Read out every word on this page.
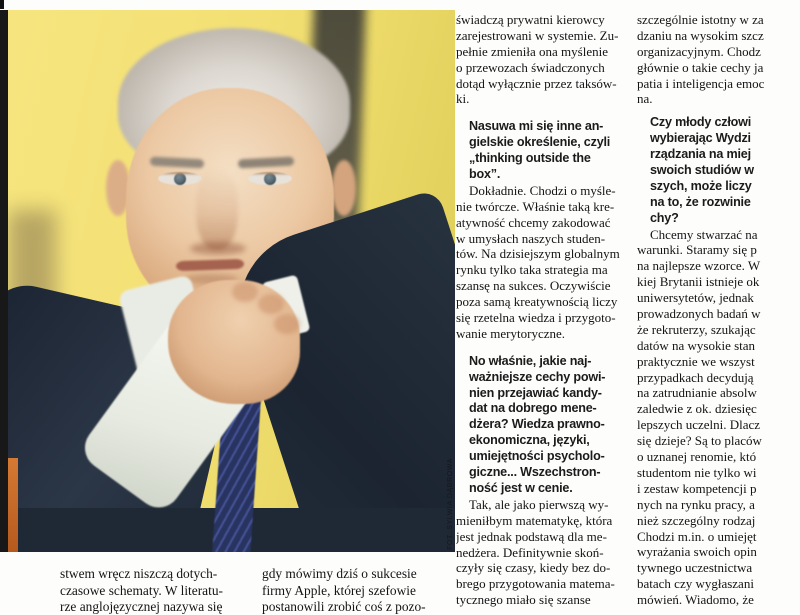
FOT. SYLWIA DĄBROWA
świadczą prywatni kierowcy
zarejestrowani w systemie. Zu-
pełnie zmieniła ona myślenie
o przewozach świadczonych
dotąd wyłącznie przez taksów-
ki.
Nasuwa mi się inne an-
gielskie określenie, czyli
„thinking outside the
box”.
Dokładnie. Chodzi o myśle-
nie twórcze. Właśnie taką kre-
atywność chcemy zakodować
w umysłach naszych studen-
tów. Na dzisiejszym globalnym
rynku tylko taka strategia ma
szansę na sukces. Oczywiście
poza samą kreatywnością liczy
się rzetelna wiedza i przygoto-
wanie merytoryczne.
No właśnie, jakie naj-
ważniejsze cechy powi-
nien przejawiać kandy-
dat na dobrego mene-
dżera? Wiedza prawno-
ekonomiczna, języki,
umiejętności psycholo-
giczne... Wszechstron-
ność jest w cenie.
Tak, ale jako pierwszą wy-
mieniłbym matematykę, która
jest jednak podstawą dla me-
nedżera. Definitywnie skoń-
czyły się czasy, kiedy bez do-
brego przygotowania matema-
tycznego miało się szanse
szczególnie istotny w za
dzaniu na wysokim szcz
organizacyjnym. Chodz
głównie o takie cechy ja
patia i inteligencja emoc
na.
Czy młody człowi
wybierając Wydzi
rządzania na miej
swoich studiów w
szych, może liczy
na to, że rozwinie
chy?
Chcemy stwarzać na
warunki. Staramy się p
na najlepsze wzorce. W
kiej Brytanii istnieje ok
uniwersytetów, jednak
prowadzonych badań w
że rekruterzy, szukając
datów na wysokie stan
praktycznie we wszyst
przypadkach decydują
na zatrudnianie absolw
zaledwie z ok. dziesięc
lepszych uczelni. Dlacz
się dzieje? Są to placów
o uznanej renomie, któ
studentom nie tylko wi
i zestaw kompetencji p
nych na rynku pracy, a
nież szczególny rodzaj
Chodzi m.in. o umiejęt
wyrażania swoich opin
tywnego uczestnictwa
batach czy wygłaszani
mówień. Wiadomo, że
stwem wręcz niszczą dotych-
czasowe schematy. W literatu-
rze anglojęzycznej nazywa się
gdy mówimy dziś o sukcesie
firmy Apple, której szefowie
postanowili zrobić coś z pozo-
